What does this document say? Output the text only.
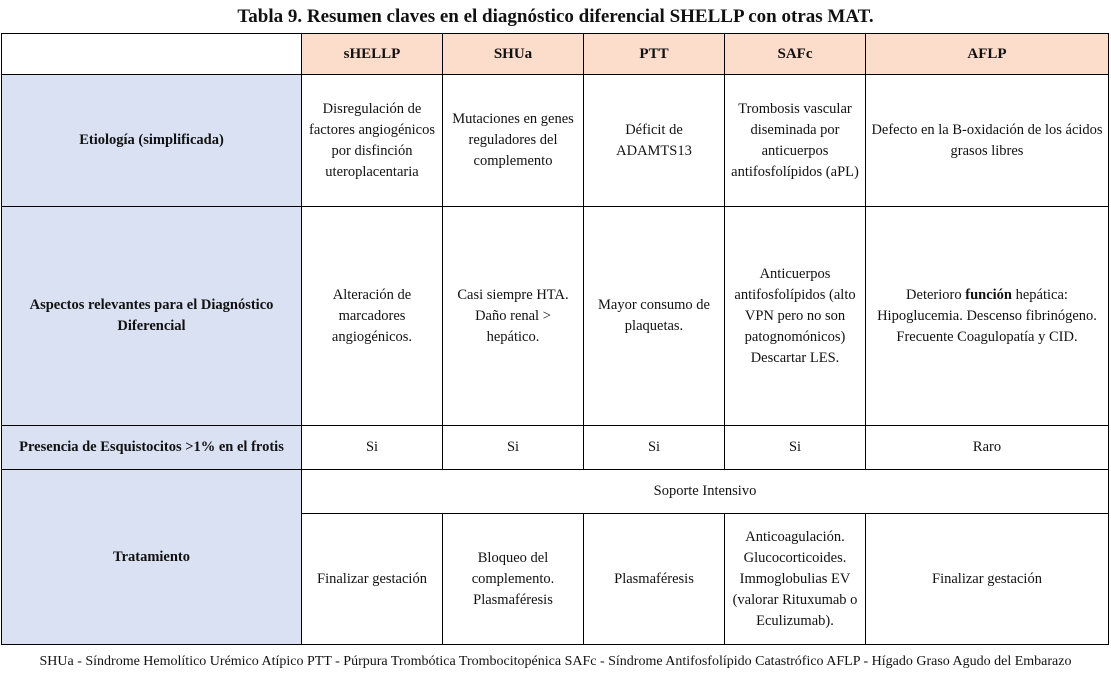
Tabla 9. Resumen claves en el diagnóstico diferencial SHELLP con otras MAT.
	sHELLP	SHUa	PTT	SAFc	AFLP
Etiología (simplificada)	Disregulación de factores angiogénicos por disfinción uteroplacentaria	Mutaciones en genes reguladores del complemento	Déficit de ADAMTS13	Trombosis vascular diseminada por anticuerpos antifosfolípidos (aPL)	Defecto en la B-oxidación de los ácidos grasos libres
Aspectos relevantes para el Diagnóstico Diferencial	Alteración de marcadores angiogénicos.	Casi siempre HTA. Daño renal > hepático.	Mayor consumo de plaquetas.	Anticuerpos antifosfolípidos (alto VPN pero no son patognomónicos) Descartar LES.	Deterioro función hepática: Hipoglucemia. Descenso fibrinógeno. Frecuente Coagulopatía y CID.
Presencia de Esquistocitos >1% en el frotis	Si	Si	Si	Si	Raro
Tratamiento	Soporte Intensivo				
	Finalizar gestación	Bloqueo del complemento. Plasmaféresis	Plasmaféresis	Anticoagulación. Glucocorticoides. Immoglobulias EV (valorar Rituxumab o Eculizumab).	Finalizar gestación
SHUa - Síndrome Hemolítico Urémico Atípico PTT - Púrpura Trombótica Trombocitopénica SAFc - Síndrome Antifosfolípido Catastrófico AFLP - Hígado Graso Agudo del Embarazo
